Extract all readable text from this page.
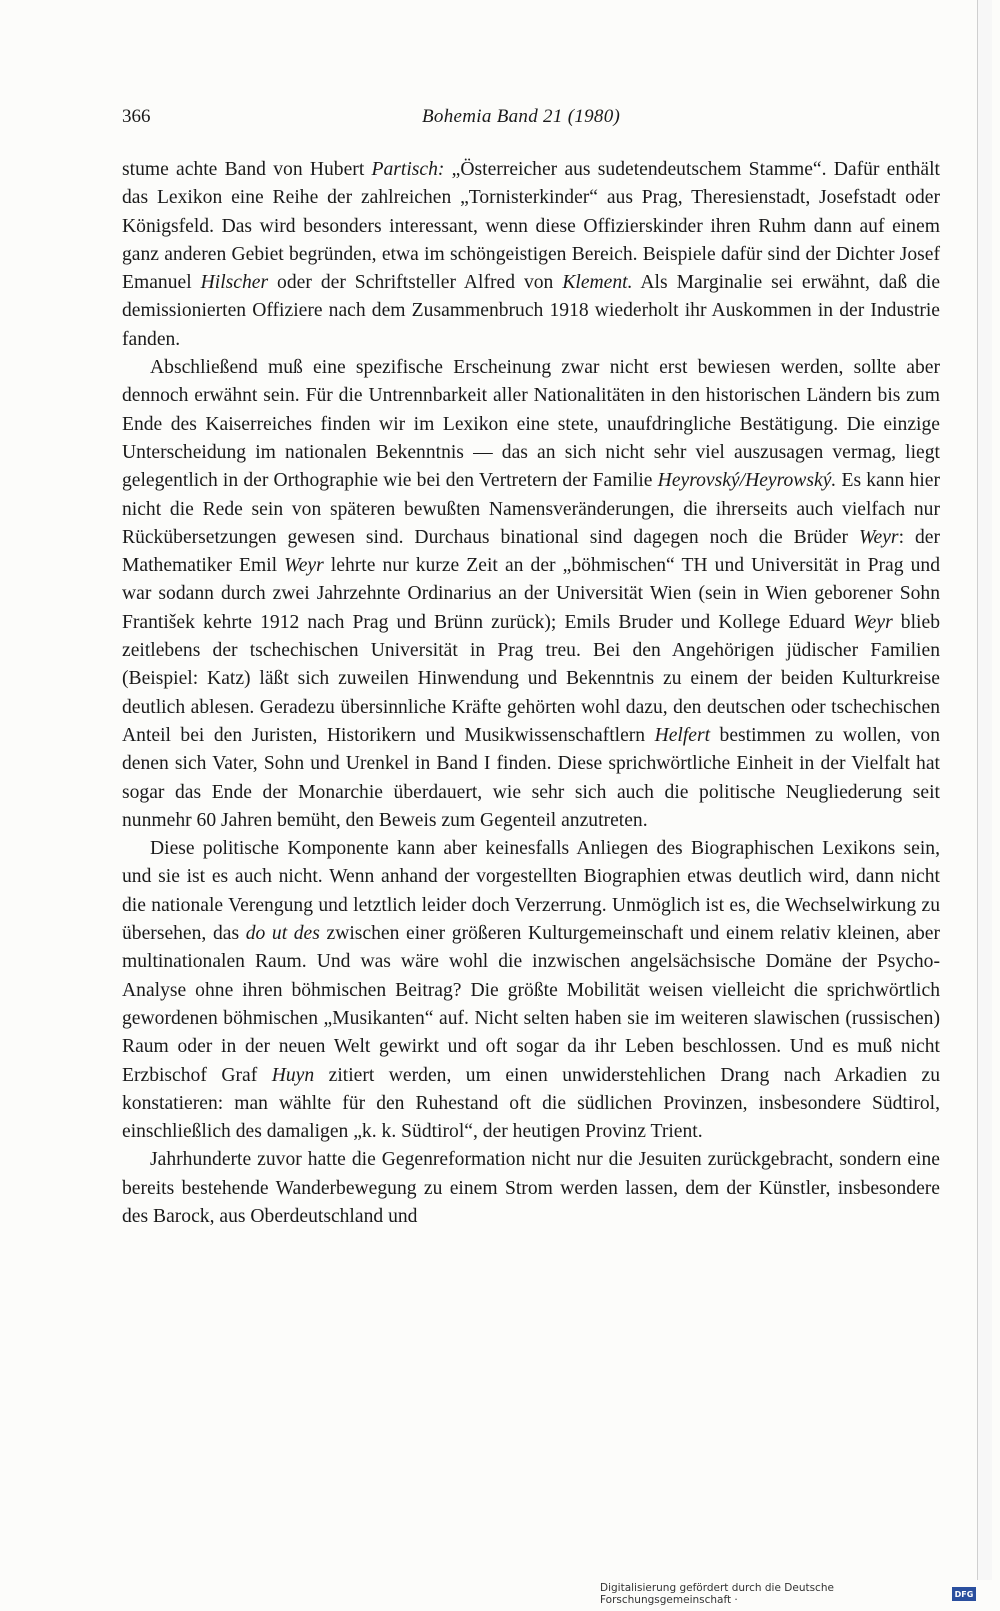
366	Bohemia Band 21 (1980)

stume achte Band von Hubert Partisch: „Österreicher aus sudetendeutschem Stamme“. Dafür enthält das Lexikon eine Reihe der zahlreichen „Tornisterkinder“ aus Prag, Theresienstadt, Josefstadt oder Königsfeld. Das wird besonders interessant, wenn diese Offizierskinder ihren Ruhm dann auf einem ganz anderen Gebiet begründen, etwa im schöngeistigen Bereich. Beispiele dafür sind der Dichter Josef Emanuel Hilscher oder der Schriftsteller Alfred von Klement. Als Marginalie sei erwähnt, daß die demissionierten Offiziere nach dem Zusammenbruch 1918 wiederholt ihr Auskommen in der Industrie fanden.

Abschließend muß eine spezifische Erscheinung zwar nicht erst bewiesen werden, sollte aber dennoch erwähnt sein. Für die Untrennbarkeit aller Nationalitäten in den historischen Ländern bis zum Ende des Kaiserreiches finden wir im Lexikon eine stete, unaufdringliche Bestätigung. Die einzige Unterscheidung im nationalen Bekenntnis — das an sich nicht sehr viel auszusagen vermag, liegt gelegentlich in der Orthographie wie bei den Vertretern der Familie Heyrovský/Heyrowský. Es kann hier nicht die Rede sein von späteren bewußten Namensveränderungen, die ihrerseits auch vielfach nur Rückübersetzungen gewesen sind. Durchaus binational sind dagegen noch die Brüder Weyr: der Mathematiker Emil Weyr lehrte nur kurze Zeit an der „böhmischen“ TH und Universität in Prag und war sodann durch zwei Jahrzehnte Ordinarius an der Universität Wien (sein in Wien geborener Sohn František kehrte 1912 nach Prag und Brünn zurück); Emils Bruder und Kollege Eduard Weyr blieb zeitlebens der tschechischen Universität in Prag treu. Bei den Angehörigen jüdischer Familien (Beispiel: Katz) läßt sich zuweilen Hinwendung und Bekenntnis zu einem der beiden Kulturkreise deutlich ablesen. Geradezu übersinnliche Kräfte gehörten wohl dazu, den deutschen oder tschechischen Anteil bei den Juristen, Historikern und Musikwissenschaftlern Helfert bestimmen zu wollen, von denen sich Vater, Sohn und Urenkel in Band I finden. Diese sprichwörtliche Einheit in der Vielfalt hat sogar das Ende der Monarchie überdauert, wie sehr sich auch die politische Neugliederung seit nunmehr 60 Jahren bemüht, den Beweis zum Gegenteil anzutreten.

Diese politische Komponente kann aber keinesfalls Anliegen des Biographischen Lexikons sein, und sie ist es auch nicht. Wenn anhand der vorgestellten Biographien etwas deutlich wird, dann nicht die nationale Verengung und letztlich leider doch Verzerrung. Unmöglich ist es, die Wechselwirkung zu übersehen, das do ut des zwischen einer größeren Kulturgemeinschaft und einem relativ kleinen, aber multinationalen Raum. Und was wäre wohl die inzwischen angelsächsische Domäne der Psycho-Analyse ohne ihren böhmischen Beitrag? Die größte Mobilität weisen vielleicht die sprichwörtlich gewordenen böhmischen „Musikanten“ auf. Nicht selten haben sie im weiteren slawischen (russischen) Raum oder in der neuen Welt gewirkt und oft sogar da ihr Leben beschlossen. Und es muß nicht Erzbischof Graf Huyn zitiert werden, um einen unwiderstehlichen Drang nach Arkadien zu konstatieren: man wählte für den Ruhestand oft die südlichen Provinzen, insbesondere Südtirol, einschließlich des damaligen „k. k. Südtirol“, der heutigen Provinz Trient.

Jahrhunderte zuvor hatte die Gegenreformation nicht nur die Jesuiten zurückgebracht, sondern eine bereits bestehende Wanderbewegung zu einem Strom werden lassen, dem der Künstler, insbesondere des Barock, aus Oberdeutschland und

Digitalisierung gefördert durch die Deutsche Forschungsgemeinschaft ·	DFG
